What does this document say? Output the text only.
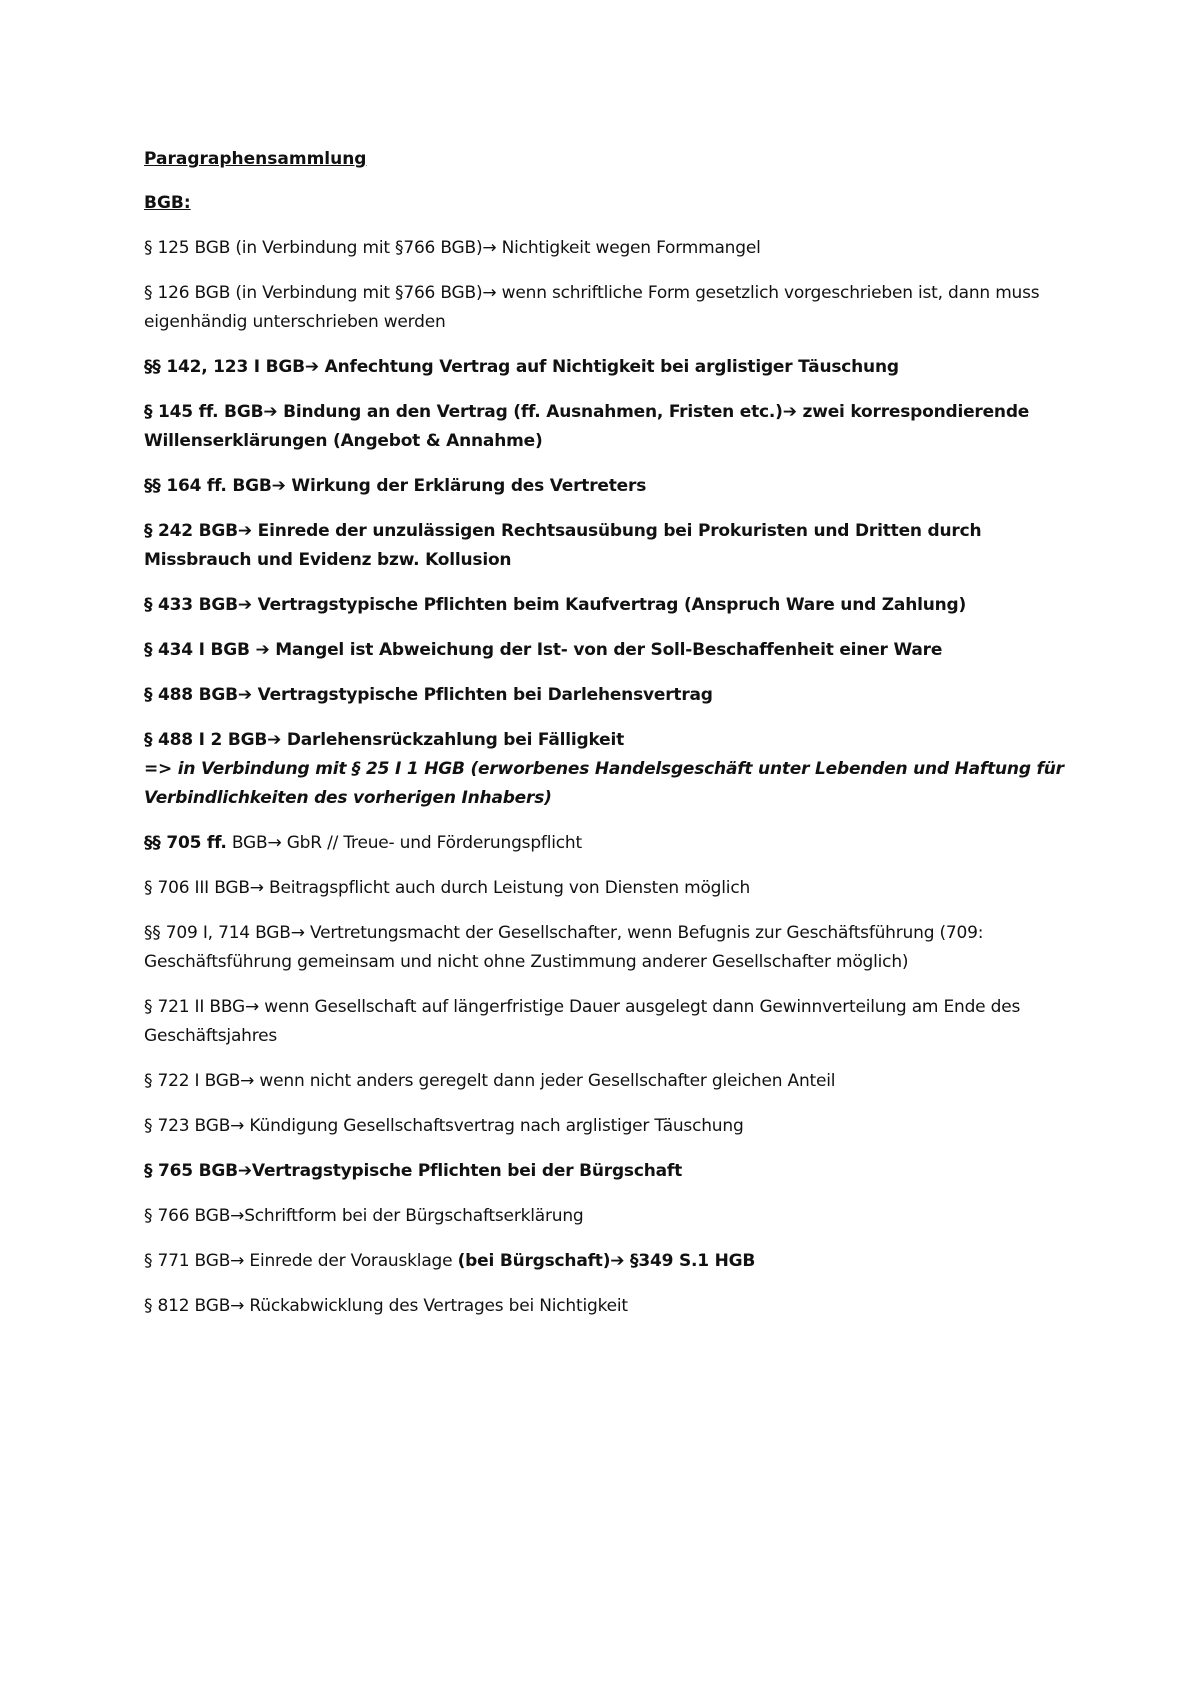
Paragraphensammlung
BGB:
§ 125 BGB (in Verbindung mit §766 BGB)→ Nichtigkeit wegen Formmangel
§ 126 BGB (in Verbindung mit §766 BGB)→ wenn schriftliche Form gesetzlich vorgeschrieben ist, dann muss eigenhändig unterschrieben werden
§§ 142, 123 I BGB➔ Anfechtung Vertrag auf Nichtigkeit bei arglistiger Täuschung
§ 145 ff. BGB➔ Bindung an den Vertrag (ff. Ausnahmen, Fristen etc.)➔ zwei korrespondierende Willenserklärungen (Angebot & Annahme)
§§ 164 ff. BGB➔ Wirkung der Erklärung des Vertreters
§ 242 BGB➔ Einrede der unzulässigen Rechtsausübung bei Prokuristen und Dritten durch Missbrauch und Evidenz bzw. Kollusion
§ 433 BGB➔ Vertragstypische Pflichten beim Kaufvertrag (Anspruch Ware und Zahlung)
§ 434 I BGB ➔ Mangel ist Abweichung der Ist- von der Soll-Beschaffenheit einer Ware
§ 488 BGB➔ Vertragstypische Pflichten bei Darlehensvertrag
§ 488 I 2 BGB➔ Darlehensrückzahlung bei Fälligkeit
=> in Verbindung mit § 25 I 1 HGB (erworbenes Handelsgeschäft unter Lebenden und Haftung für Verbindlichkeiten des vorherigen Inhabers)
§§ 705 ff. BGB→ GbR // Treue- und Förderungspflicht
§ 706 III BGB→ Beitragspflicht auch durch Leistung von Diensten möglich
§§ 709 I, 714 BGB→ Vertretungsmacht der Gesellschafter, wenn Befugnis zur Geschäftsführung (709: Geschäftsführung gemeinsam und nicht ohne Zustimmung anderer Gesellschafter möglich)
§ 721 II BBG→ wenn Gesellschaft auf längerfristige Dauer ausgelegt dann Gewinnverteilung am Ende des Geschäftsjahres
§ 722 I BGB→ wenn nicht anders geregelt dann jeder Gesellschafter gleichen Anteil
§ 723 BGB→ Kündigung Gesellschaftsvertrag nach arglistiger Täuschung
§ 765 BGB➔Vertragstypische Pflichten bei der Bürgschaft
§ 766 BGB→Schriftform bei der Bürgschaftserklärung
§ 771 BGB→ Einrede der Vorausklage (bei Bürgschaft)➔ §349 S.1 HGB
§ 812 BGB→ Rückabwicklung des Vertrages bei Nichtigkeit
